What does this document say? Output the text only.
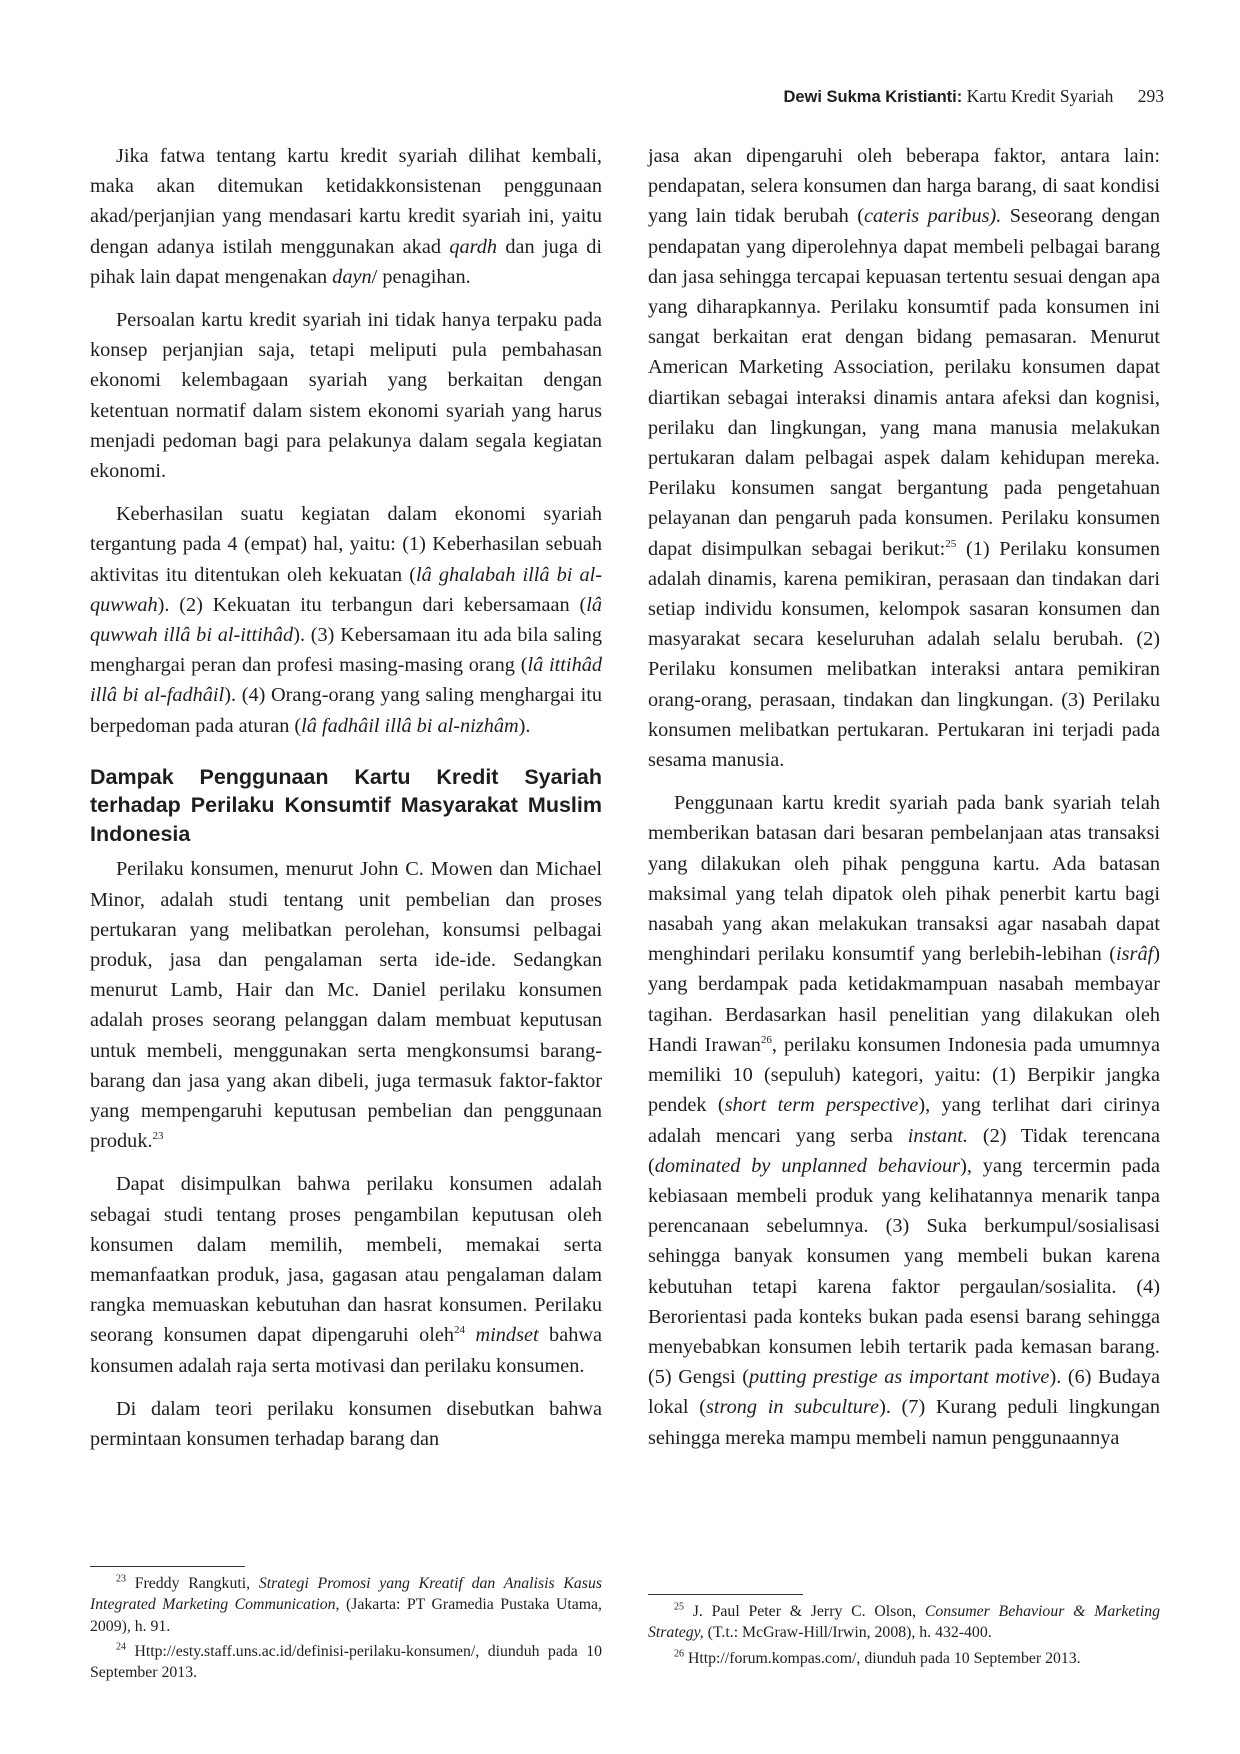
Dewi Sukma Kristianti: Kartu Kredit Syariah 293

Jika fatwa tentang kartu kredit syariah dilihat kembali, maka akan ditemukan ketidakkonsistenan penggunaan akad/perjanjian yang mendasari kartu kredit syariah ini, yaitu dengan adanya istilah menggunakan akad qardh dan juga di pihak lain dapat mengenakan dayn/ penagihan.

Persoalan kartu kredit syariah ini tidak hanya terpaku pada konsep perjanjian saja, tetapi meliputi pula pembahasan ekonomi kelembagaan syariah yang berkaitan dengan ketentuan normatif dalam sistem ekonomi syariah yang harus menjadi pedoman bagi para pelakunya dalam segala kegiatan ekonomi.

Keberhasilan suatu kegiatan dalam ekonomi syariah tergantung pada 4 (empat) hal, yaitu: (1) Keberhasilan sebuah aktivitas itu ditentukan oleh kekuatan (lâ ghalabah illâ bi al-quwwah). (2) Kekuatan itu terbangun dari kebersamaan (lâ quwwah illâ bi al-ittihâd). (3) Kebersamaan itu ada bila saling menghargai peran dan profesi masing-masing orang (lâ ittihâd illâ bi al-fadhâil). (4) Orang-orang yang saling menghargai itu berpedoman pada aturan (lâ fadhâil illâ bi al-nizhâm).

Dampak Penggunaan Kartu Kredit Syariah terhadap Perilaku Konsumtif Masyarakat Muslim Indonesia

Perilaku konsumen, menurut John C. Mowen dan Michael Minor, adalah studi tentang unit pembelian dan proses pertukaran yang melibatkan perolehan, konsumsi pelbagai produk, jasa dan pengalaman serta ide-ide. Sedangkan menurut Lamb, Hair dan Mc. Daniel perilaku konsumen adalah proses seorang pelanggan dalam membuat keputusan untuk membeli, menggunakan serta mengkonsumsi barang-barang dan jasa yang akan dibeli, juga termasuk faktor-faktor yang mempengaruhi keputusan pembelian dan penggunaan produk.$^{23}$

Dapat disimpulkan bahwa perilaku konsumen adalah sebagai studi tentang proses pengambilan keputusan oleh konsumen dalam memilih, membeli, memakai serta memanfaatkan produk, jasa, gagasan atau pengalaman dalam rangka memuaskan kebutuhan dan hasrat konsumen. Perilaku seorang konsumen dapat dipengaruhi oleh$^{24}$ mindset bahwa konsumen adalah raja serta motivasi dan perilaku konsumen.

Di dalam teori perilaku konsumen disebutkan bahwa permintaan konsumen terhadap barang dan

jasa akan dipengaruhi oleh beberapa faktor, antara lain: pendapatan, selera konsumen dan harga barang, di saat kondisi yang lain tidak berubah (cateris paribus). Seseorang dengan pendapatan yang diperolehnya dapat membeli pelbagai barang dan jasa sehingga tercapai kepuasan tertentu sesuai dengan apa yang diharapkannya. Perilaku konsumtif pada konsumen ini sangat berkaitan erat dengan bidang pemasaran. Menurut American Marketing Association, perilaku konsumen dapat diartikan sebagai interaksi dinamis antara afeksi dan kognisi, perilaku dan lingkungan, yang mana manusia melakukan pertukaran dalam pelbagai aspek dalam kehidupan mereka. Perilaku konsumen sangat bergantung pada pengetahuan pelayanan dan pengaruh pada konsumen. Perilaku konsumen dapat disimpulkan sebagai berikut:$^{25}$ (1) Perilaku konsumen adalah dinamis, karena pemikiran, perasaan dan tindakan dari setiap individu konsumen, kelompok sasaran konsumen dan masyarakat secara keseluruhan adalah selalu berubah. (2) Perilaku konsumen melibatkan interaksi antara pemikiran orang-orang, perasaan, tindakan dan lingkungan. (3) Perilaku konsumen melibatkan pertukaran. Pertukaran ini terjadi pada sesama manusia.

Penggunaan kartu kredit syariah pada bank syariah telah memberikan batasan dari besaran pembelanjaan atas transaksi yang dilakukan oleh pihak pengguna kartu. Ada batasan maksimal yang telah dipatok oleh pihak penerbit kartu bagi nasabah yang akan melakukan transaksi agar nasabah dapat menghindari perilaku konsumtif yang berlebih-lebihan (isrâf) yang berdampak pada ketidakmampuan nasabah membayar tagihan. Berdasarkan hasil penelitian yang dilakukan oleh Handi Irawan$^{26}$, perilaku konsumen Indonesia pada umumnya memiliki 10 (sepuluh) kategori, yaitu: (1) Berpikir jangka pendek (short term perspective), yang terlihat dari cirinya adalah mencari yang serba instant. (2) Tidak terencana (dominated by unplanned behaviour), yang tercermin pada kebiasaan membeli produk yang kelihatannya menarik tanpa perencanaan sebelumnya. (3) Suka berkumpul/sosialisasi sehingga banyak konsumen yang membeli bukan karena kebutuhan tetapi karena faktor pergaulan/sosialita. (4) Berorientasi pada konteks bukan pada esensi barang sehingga menyebabkan konsumen lebih tertarik pada kemasan barang. (5) Gengsi (putting prestige as important motive). (6) Budaya lokal (strong in subculture). (7) Kurang peduli lingkungan sehingga mereka mampu membeli namun penggunaannya

$^{23}$ Freddy Rangkuti, Strategi Promosi yang Kreatif dan Analisis Kasus Integrated Marketing Communication, (Jakarta: PT Gramedia Pustaka Utama, 2009), h. 91.

$^{24}$ Http://esty.staff.uns.ac.id/definisi-perilaku-konsumen/, diunduh pada 10 September 2013.

$^{25}$ J. Paul Peter & Jerry C. Olson, Consumer Behaviour & Marketing Strategy, (T.t.: McGraw-Hill/Irwin, 2008), h. 432-400.

$^{26}$ Http://forum.kompas.com/, diunduh pada 10 September 2013.
